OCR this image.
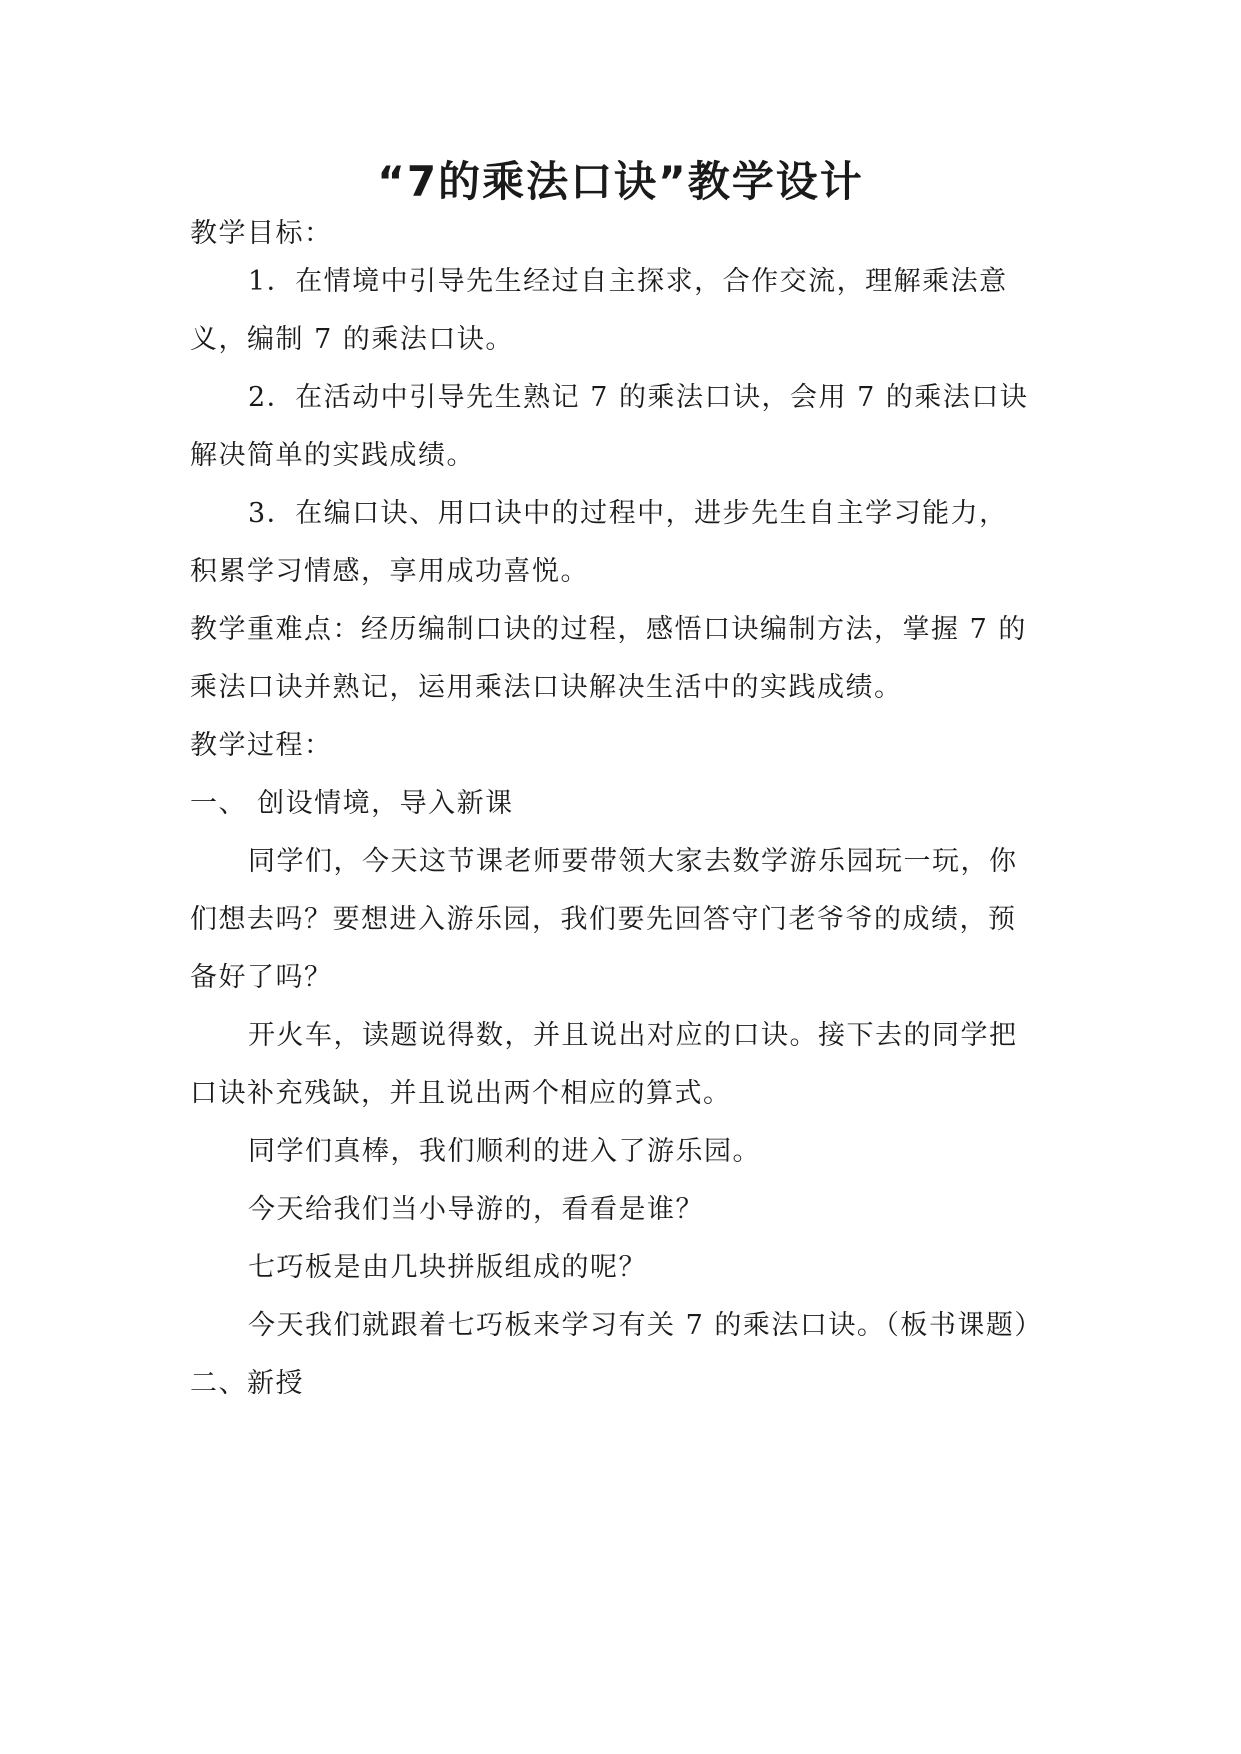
“7的乘法口诀”教学设计

教学目标：

1．在情境中引导先生经过自主探求，合作交流，理解乘法意

义，编制 7 的乘法口诀。

2．在活动中引导先生熟记 7 的乘法口诀，会用 7 的乘法口诀

解决简单的实践成绩。

3．在编口诀、用口诀中的过程中，进步先生自主学习能力，

积累学习情感，享用成功喜悦。

教学重难点：经历编制口诀的过程，感悟口诀编制方法，掌握 7 的

乘法口诀并熟记，运用乘法口诀解决生活中的实践成绩。

教学过程：

一、 创设情境，导入新课

同学们，今天这节课老师要带领大家去数学游乐园玩一玩，你

们想去吗？要想进入游乐园，我们要先回答守门老爷爷的成绩，预

备好了吗？

开火车，读题说得数，并且说出对应的口诀。接下去的同学把

口诀补充残缺，并且说出两个相应的算式。

同学们真棒，我们顺利的进入了游乐园。

今天给我们当小导游的，看看是谁？

七巧板是由几块拼版组成的呢？

今天我们就跟着七巧板来学习有关 7 的乘法口诀。（板书课题）

二、新授
